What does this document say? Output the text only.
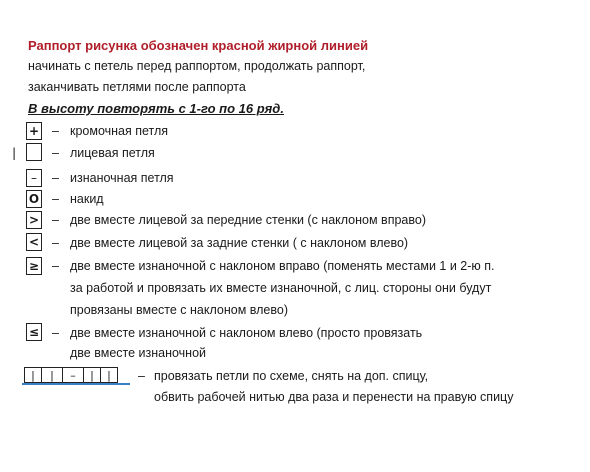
Раппорт рисунка обозначен красной жирной линией
начинать с петель перед раппортом, продолжать раппорт,
заканчивать петлями после раппорта
В высоту повторять с 1-го по 16 ряд.
+ – кромочная петля
|	– лицевая петля
–	– изнаночная петля
О – накид
> – две вместе лицевой за передние стенки (с наклоном вправо)
< – две вместе лицевой за задние стенки ( с наклоном влево)
≥ – две вместе изнаночной с наклоном вправо (поменять местами 1 и 2-ю п.
за работой и провязать их вместе изнаночной, с лиц. стороны они будут
провязаны вместе с наклоном влево)
≤ – две вместе изнаночной с наклоном влево (просто провязать
две вместе изнаночной
|	|	–	|	|	– провязать петли по схеме, снять на доп. спицу,
обвить рабочей нитью два раза и перенести на правую спицу
